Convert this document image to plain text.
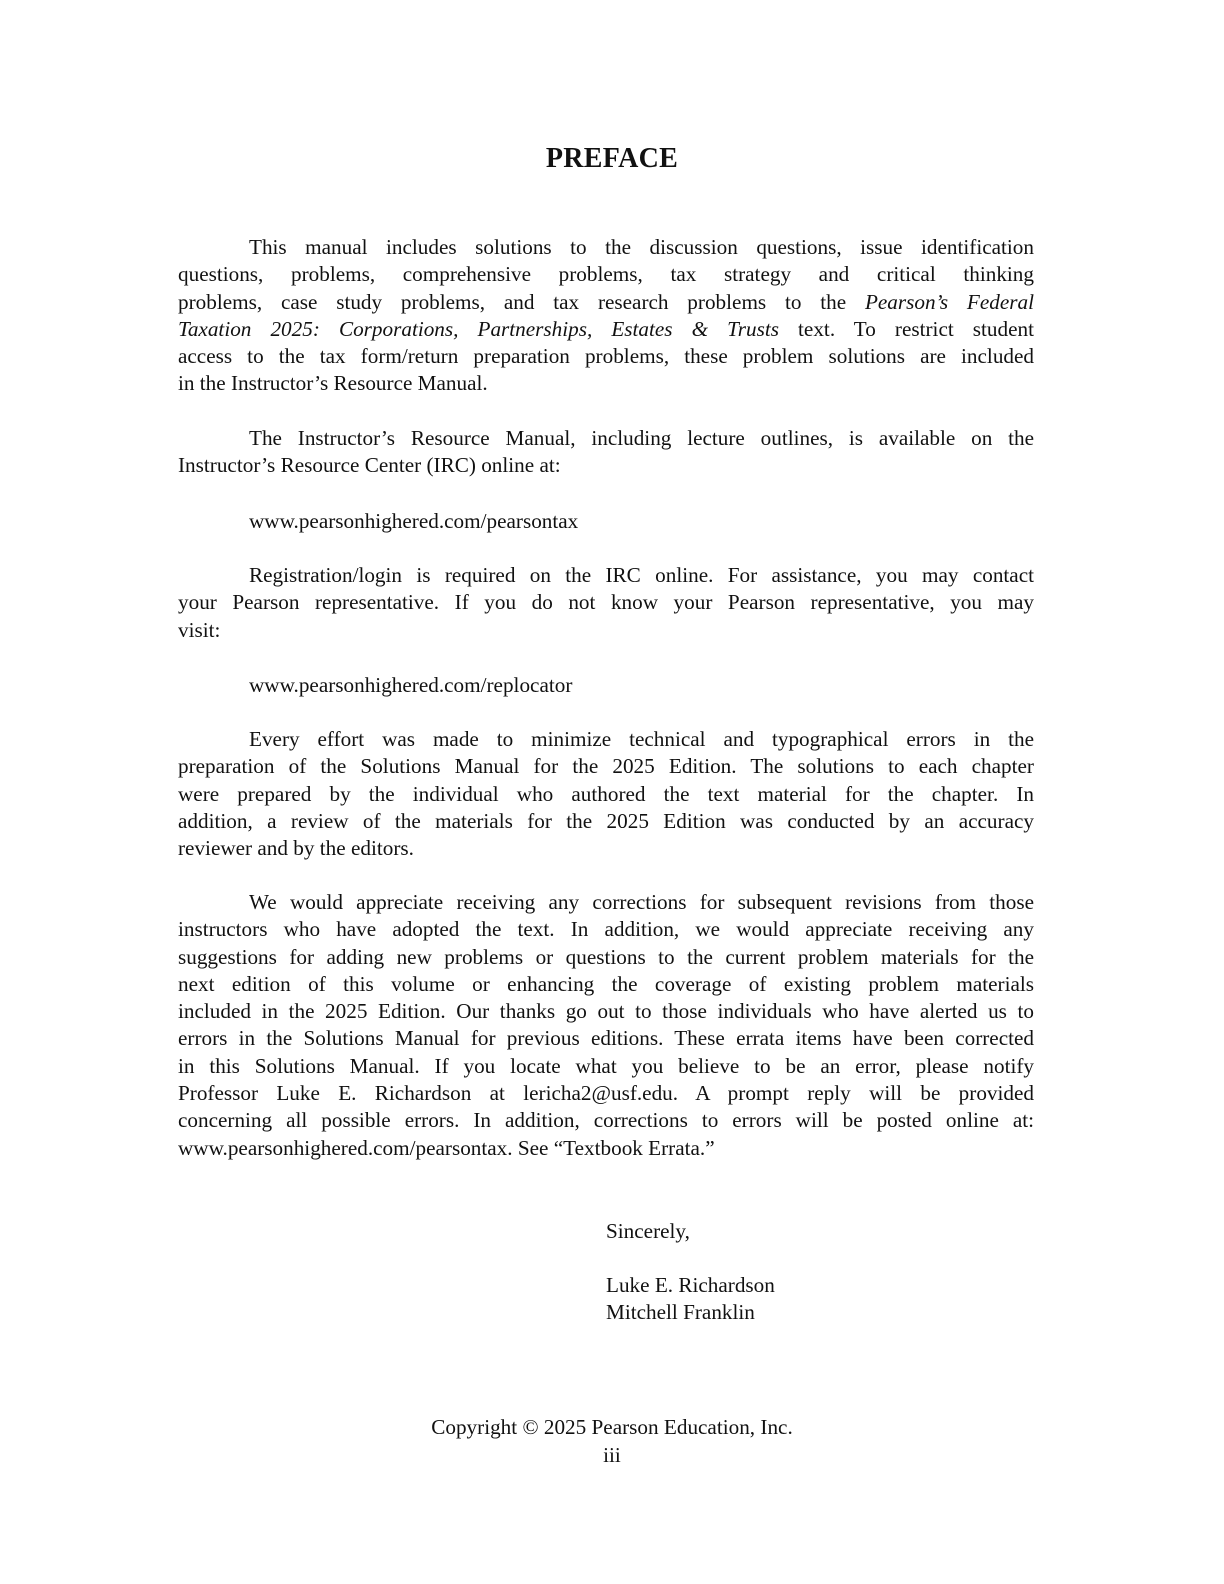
PREFACE
This manual includes solutions to the discussion questions, issue identification
questions, problems, comprehensive problems, tax strategy and critical thinking
problems, case study problems, and tax research problems to the Pearson’s Federal
Taxation 2025: Corporations, Partnerships, Estates & Trusts text. To restrict student
access to the tax form/return preparation problems, these problem solutions are included
in the Instructor’s Resource Manual.
The Instructor’s Resource Manual, including lecture outlines, is available on the
Instructor’s Resource Center (IRC) online at:
www.pearsonhighered.com/pearsontax
Registration/login is required on the IRC online. For assistance, you may contact
your Pearson representative. If you do not know your Pearson representative, you may
visit:
www.pearsonhighered.com/replocator
Every effort was made to minimize technical and typographical errors in the
preparation of the Solutions Manual for the 2025 Edition. The solutions to each chapter
were prepared by the individual who authored the text material for the chapter. In
addition, a review of the materials for the 2025 Edition was conducted by an accuracy
reviewer and by the editors.
We would appreciate receiving any corrections for subsequent revisions from those
instructors who have adopted the text. In addition, we would appreciate receiving any
suggestions for adding new problems or questions to the current problem materials for the
next edition of this volume or enhancing the coverage of existing problem materials
included in the 2025 Edition. Our thanks go out to those individuals who have alerted us to
errors in the Solutions Manual for previous editions. These errata items have been corrected
in this Solutions Manual. If you locate what you believe to be an error, please notify
Professor Luke E. Richardson at lericha2@usf.edu. A prompt reply will be provided
concerning all possible errors. In addition, corrections to errors will be posted online at:
www.pearsonhighered.com/pearsontax. See “Textbook Errata.”
Sincerely,
Luke E. Richardson
Mitchell Franklin
Copyright © 2025 Pearson Education, Inc.
iii
